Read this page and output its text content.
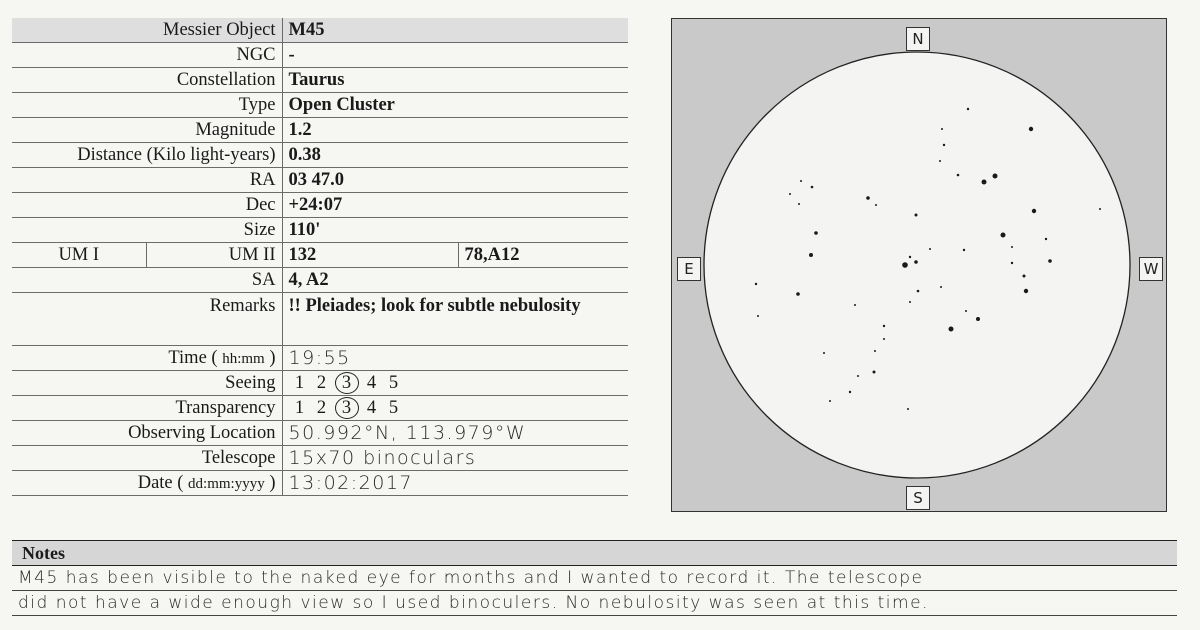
Messier Object		M45	
NGC		-	
Constellation		Taurus	
Type		Open Cluster	
Magnitude		1.2	
Distance (Kilo light-years)		0.38	
RA		03 47.0	
Dec		+24:07	
Size		110'	
UM I	UM II	132	78,A12
SA		4, A2	
Remarks		!! Pleiades; look for subtle nebulosity	
Time ( hh:mm )		19:55	
Seeing		1 2 3 4 5	
Transparency		1 2 3 4 5	
Observing Location		50.992°N, 113.979°W	
Telescope		15x70 binoculars	
Date ( dd:mm:yyyy )		13:02:2017	
N
S
E	W
Notes
M45 has been visible to the naked eye for months and I wanted to record it. The telescope
did not have a wide enough view so I used binoculers. No nebulosity was seen at this time.
